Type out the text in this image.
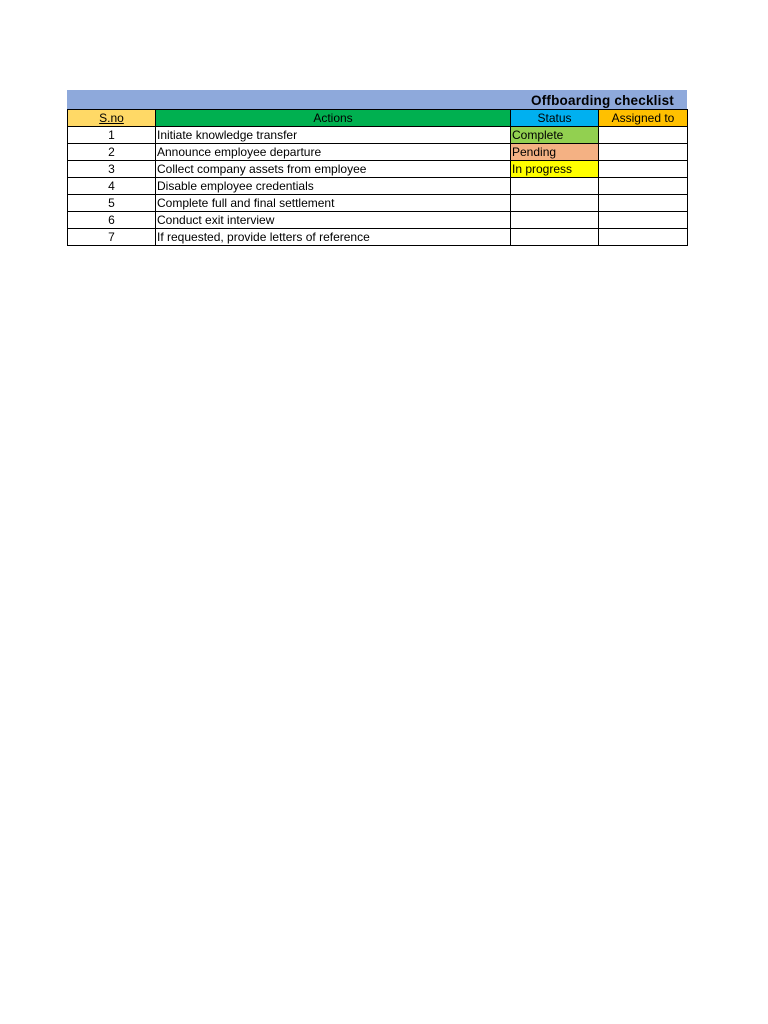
Offboarding checklist
S.no	Actions	Status	Assigned to
1	Initiate knowledge transfer	Complete	
2	Announce employee departure	Pending	
3	Collect company assets from employee	In progress	
4	Disable employee credentials		
5	Complete full and final settlement		
6	Conduct exit interview		
7	If requested, provide letters of reference		
